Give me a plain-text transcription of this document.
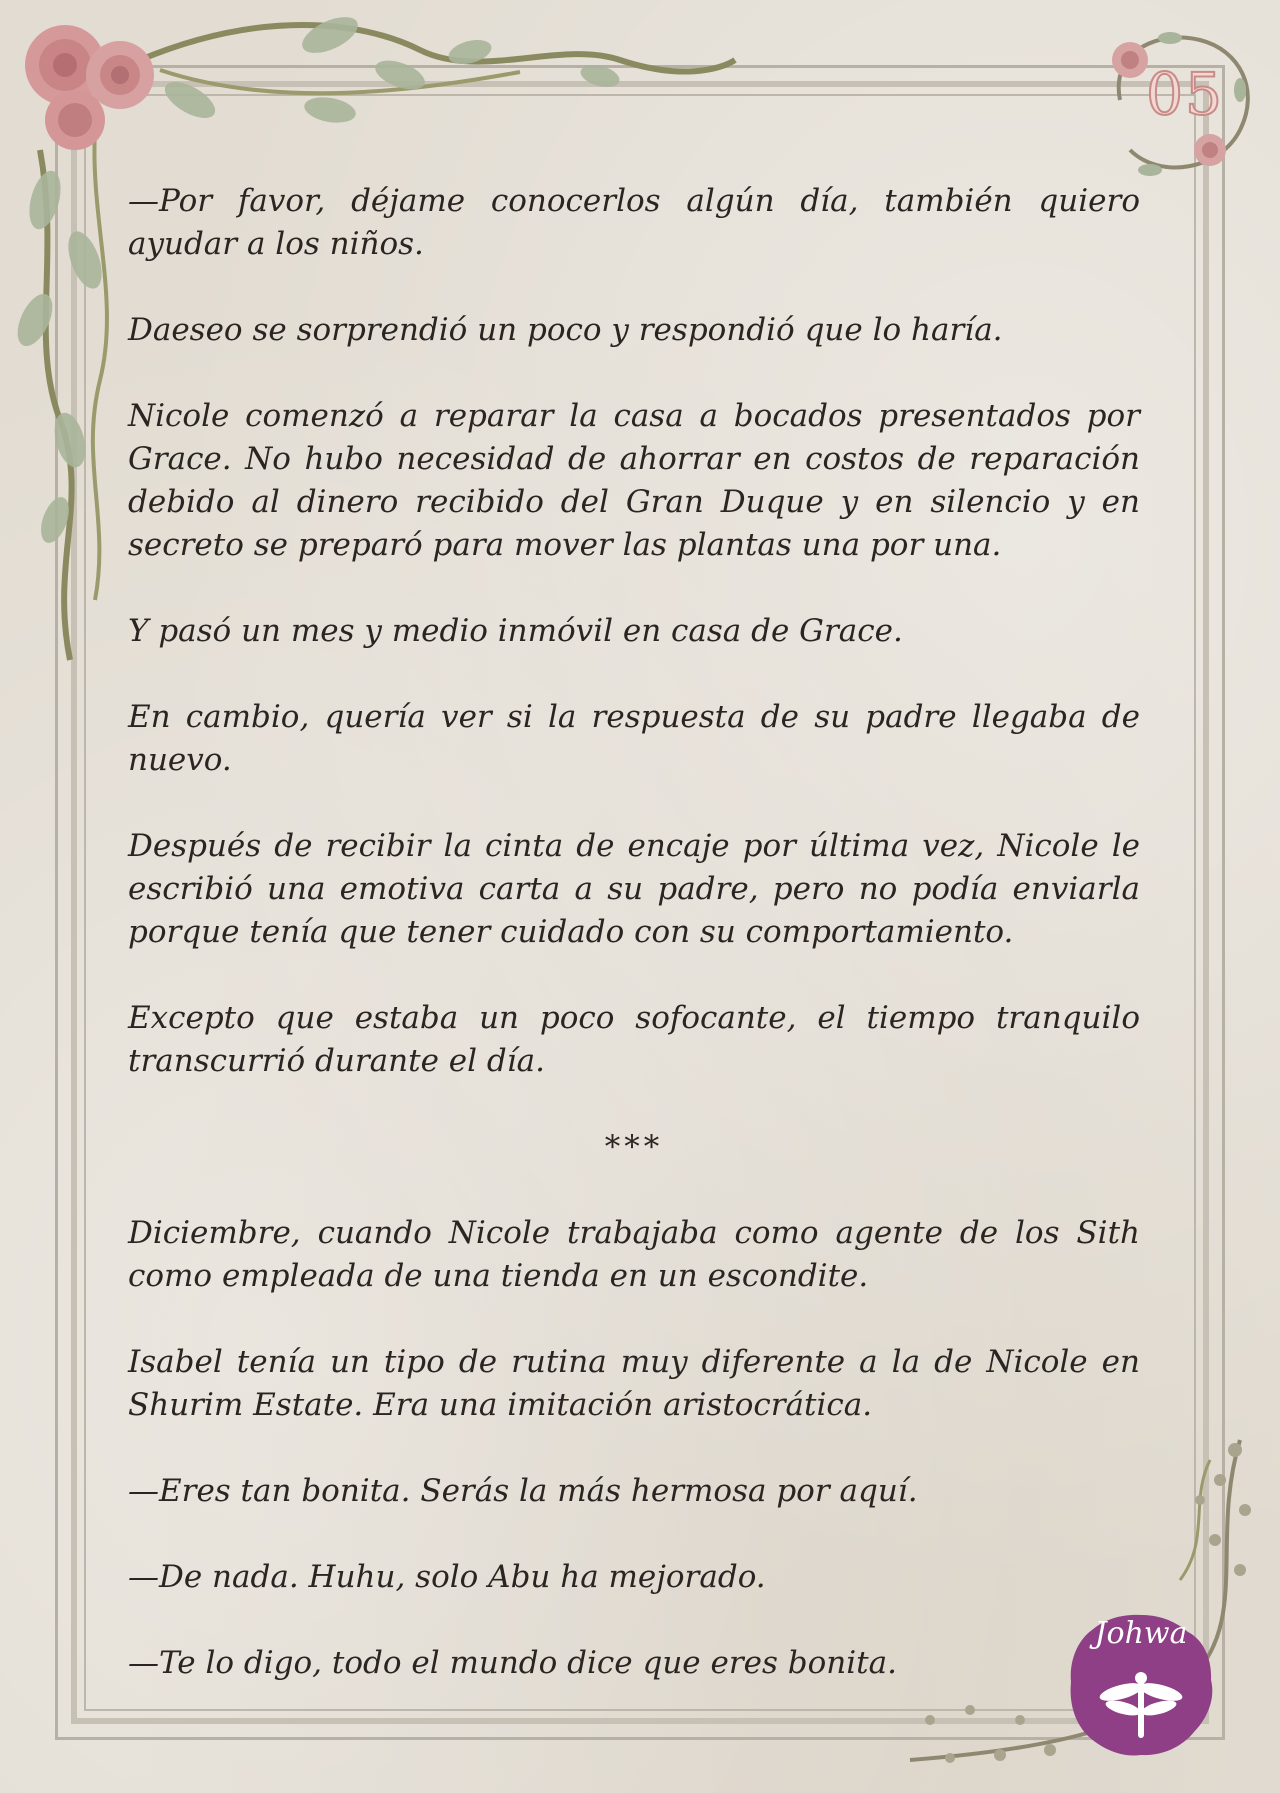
05
Johwa

—Por favor, déjame conocerlos algún día, también quiero ayudar a los niños.

Daeseo se sorprendió un poco y respondió que lo haría.

Nicole comenzó a reparar la casa a bocados presentados por Grace. No hubo necesidad de ahorrar en costos de reparación debido al dinero recibido del Gran Duque y en silencio y en secreto se preparó para mover las plantas una por una.

Y pasó un mes y medio inmóvil en casa de Grace.

En cambio, quería ver si la respuesta de su padre llegaba de nuevo.

Después de recibir la cinta de encaje por última vez, Nicole le escribió una emotiva carta a su padre, pero no podía enviarla porque tenía que tener cuidado con su comportamiento.

Excepto que estaba un poco sofocante, el tiempo tranquilo transcurrió durante el día.

***

Diciembre, cuando Nicole trabajaba como agente de los Sith como empleada de una tienda en un escondite.

Isabel tenía un tipo de rutina muy diferente a la de Nicole en Shurim Estate. Era una imitación aristocrática.

—Eres tan bonita. Serás la más hermosa por aquí.

—De nada. Huhu, solo Abu ha mejorado.

—Te lo digo, todo el mundo dice que eres bonita.
